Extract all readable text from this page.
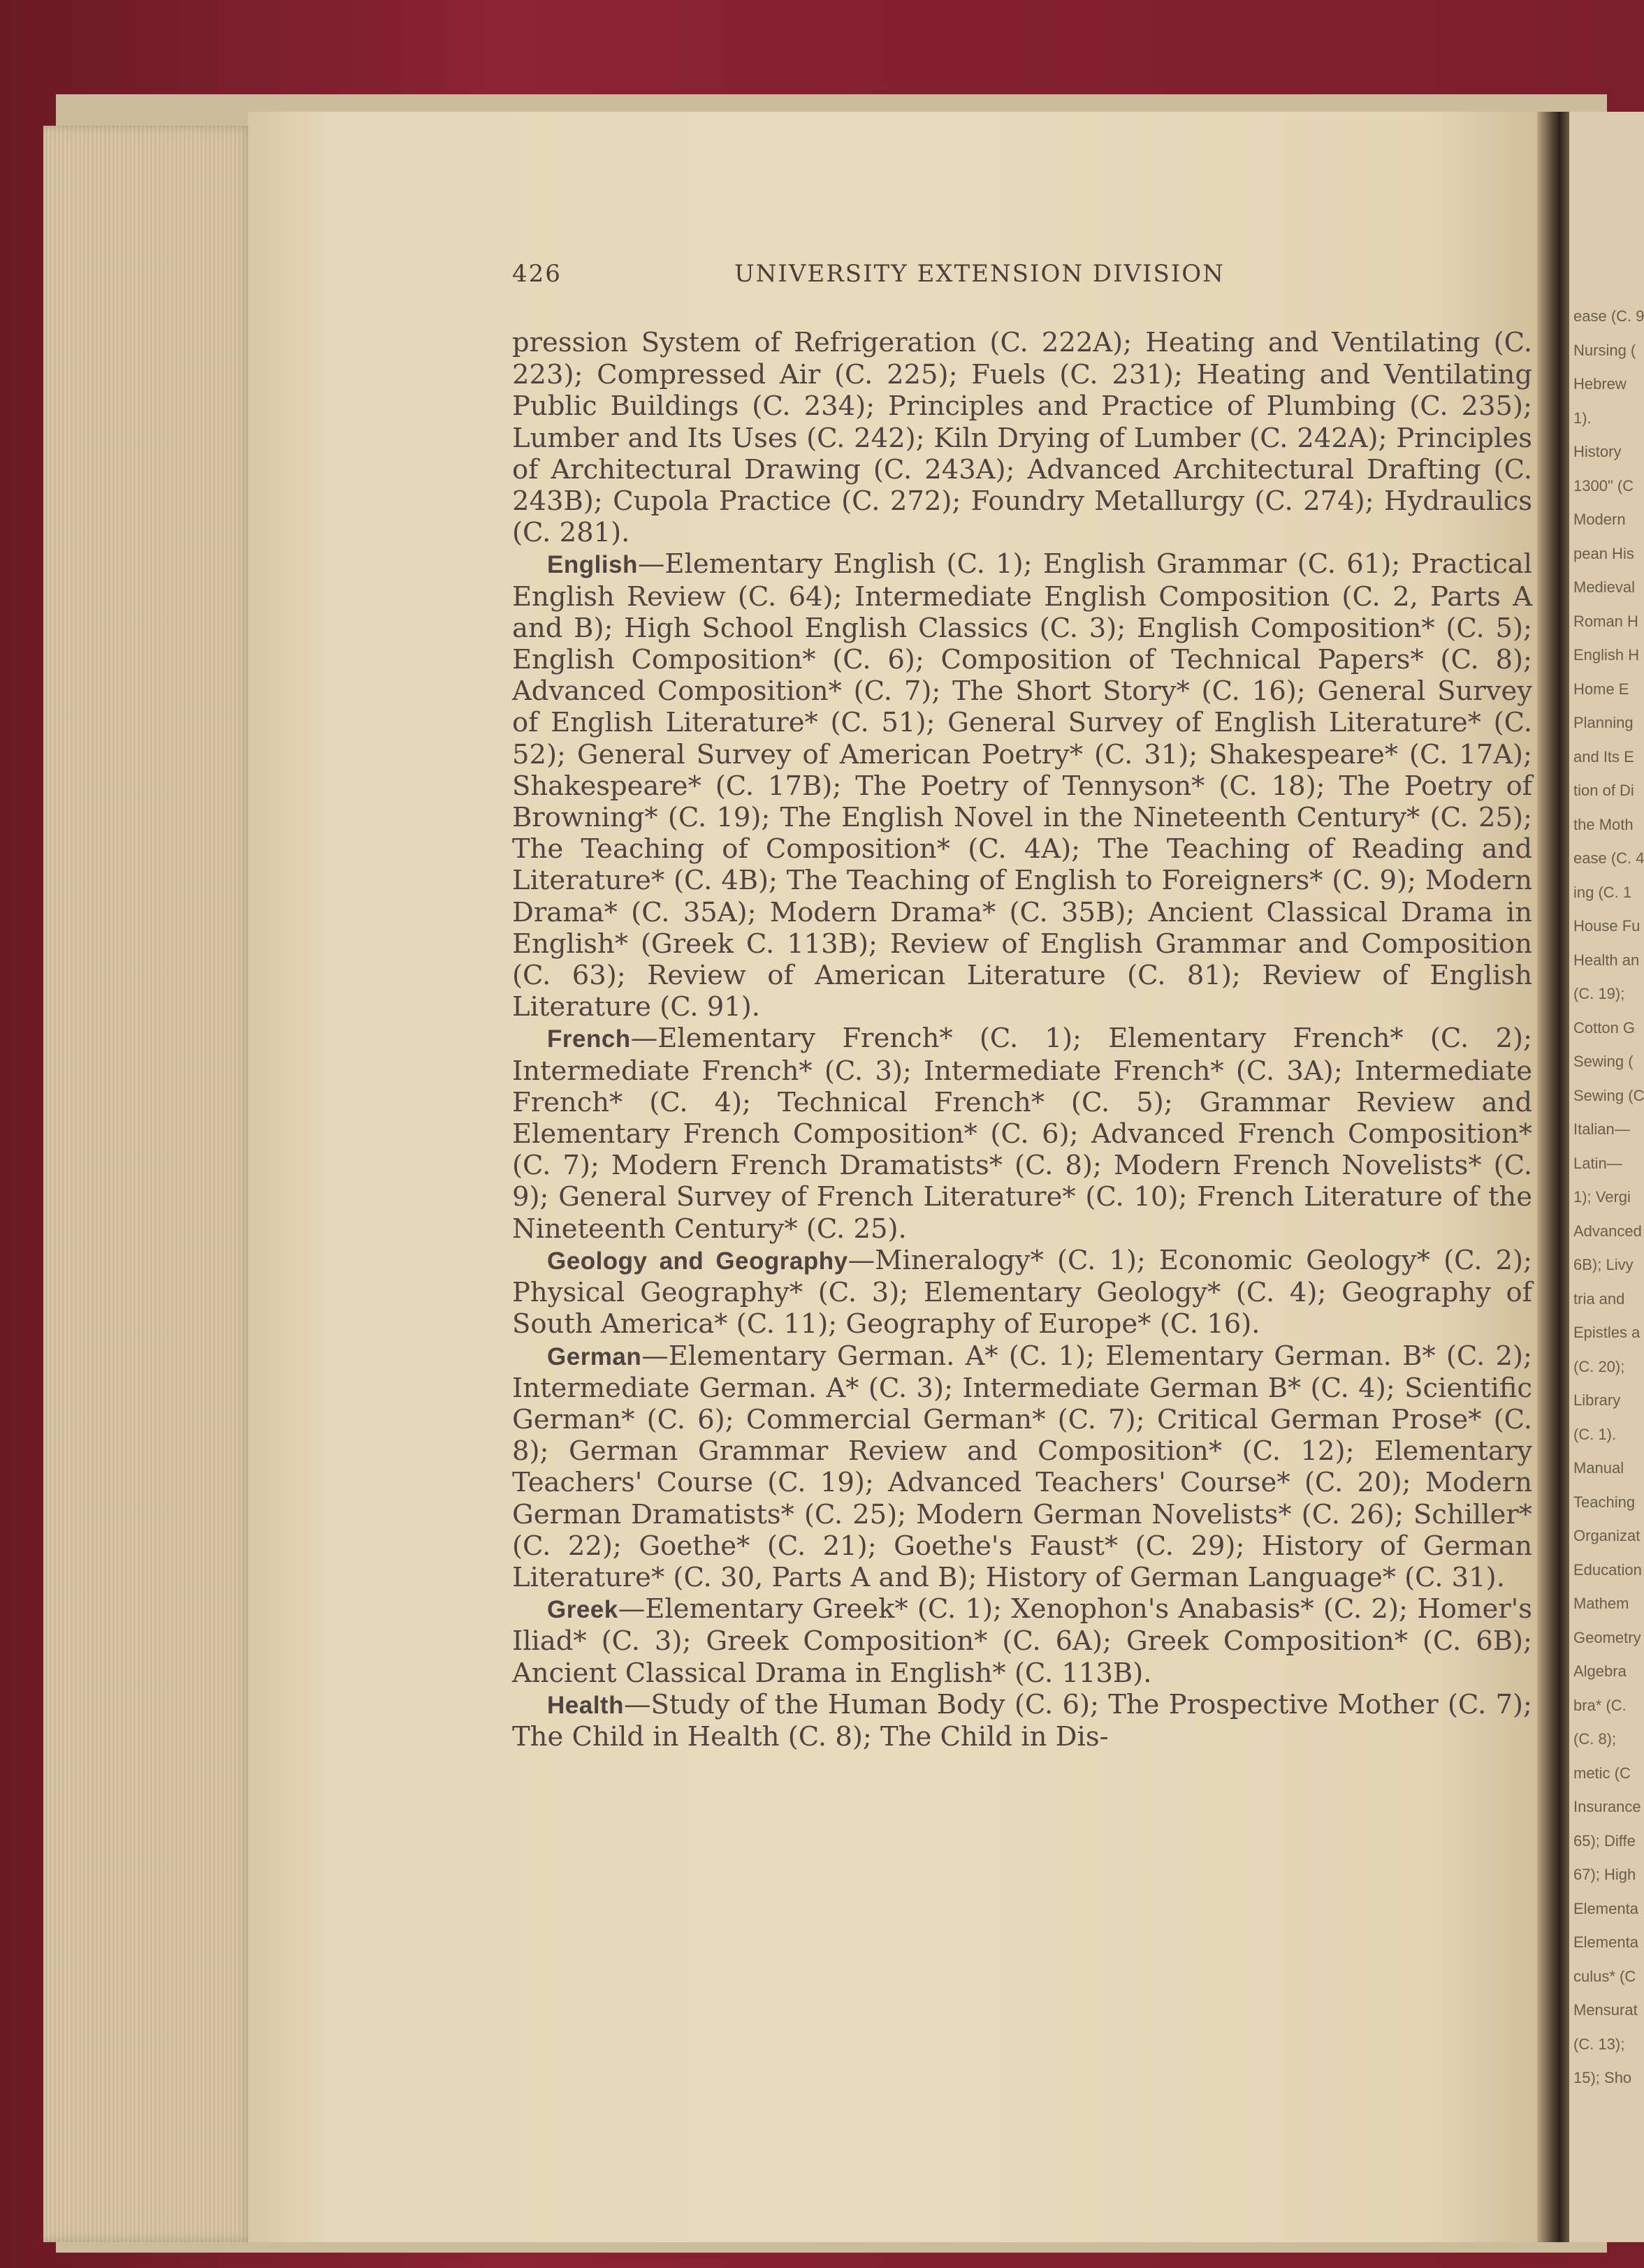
ease (C. 9
Nursing (
Hebrew
1).
History
1300" (C
Modern
pean His
Medieval
Roman H
English H
Home E
Planning
and Its E
tion of Di
the Moth
ease (C. 4
ing (C. 1
House Fu
Health an
(C. 19);
Cotton G
Sewing (
Sewing (C
Italian—
Latin—
1); Vergi
Advanced
6B); Livy
tria and
Epistles a
(C. 20);
Library
(C. 1).
Manual
Teaching
Organizat
Education
Mathem
Geometry
Algebra
bra* (C.
(C. 8);
metic (C
Insurance
65); Diffe
67); High
Elementa
Elementa
culus* (C
Mensurat
(C. 13);
15); Sho
426	UNIVERSITY EXTENSION DIVISION

pression System of Refrigeration (C. 222A); Heating and Ventilating (C. 223); Compressed Air (C. 225); Fuels (C. 231); Heating and Ventilating Public Buildings (C. 234); Principles and Practice of Plumbing (C. 235); Lumber and Its Uses (C. 242); Kiln Drying of Lumber (C. 242A); Principles of Architectural Drawing (C. 243A); Advanced Architectural Drafting (C. 243B); Cupola Practice (C. 272); Foundry Metallurgy (C. 274); Hydraulics (C. 281).

English—Elementary English (C. 1); English Grammar (C. 61); Practical English Review (C. 64); Intermediate English Composition (C. 2, Parts A and B); High School English Classics (C. 3); English Composition* (C. 5); English Composition* (C. 6); Composition of Technical Papers* (C. 8); Advanced Composition* (C. 7); The Short Story* (C. 16); General Survey of English Literature* (C. 51); General Survey of English Literature* (C. 52); General Survey of American Poetry* (C. 31); Shakespeare* (C. 17A); Shakespeare* (C. 17B); The Poetry of Tennyson* (C. 18); The Poetry of Browning* (C. 19); The English Novel in the Nineteenth Century* (C. 25); The Teaching of Composition* (C. 4A); The Teaching of Reading and Literature* (C. 4B); The Teaching of English to Foreigners* (C. 9); Modern Drama* (C. 35A); Modern Drama* (C. 35B); Ancient Classical Drama in English* (Greek C. 113B); Review of English Grammar and Composition (C. 63); Review of American Literature (C. 81); Review of English Literature (C. 91).

French—Elementary French* (C. 1); Elementary French* (C. 2); Intermediate French* (C. 3); Intermediate French* (C. 3A); Intermediate French* (C. 4); Technical French* (C. 5); Grammar Review and Elementary French Composition* (C. 6); Advanced French Composition* (C. 7); Modern French Dramatists* (C. 8); Modern French Novelists* (C. 9); General Survey of French Literature* (C. 10); French Literature of the Nineteenth Century* (C. 25).

Geology and Geography—Mineralogy* (C. 1); Economic Geology* (C. 2); Physical Geography* (C. 3); Elementary Geology* (C. 4); Geography of South America* (C. 11); Geography of Europe* (C. 16).

German—Elementary German. A* (C. 1); Elementary German. B* (C. 2); Intermediate German. A* (C. 3); Intermediate German B* (C. 4); Scientific German* (C. 6); Commercial German* (C. 7); Critical German Prose* (C. 8); German Grammar Review and Composition* (C. 12); Elementary Teachers' Course (C. 19); Advanced Teachers' Course* (C. 20); Modern German Dramatists* (C. 25); Modern German Novelists* (C. 26); Schiller* (C. 22); Goethe* (C. 21); Goethe's Faust* (C. 29); History of German Literature* (C. 30, Parts A and B); History of German Language* (C. 31).

Greek—Elementary Greek* (C. 1); Xenophon's Anabasis* (C. 2); Homer's Iliad* (C. 3); Greek Composition* (C. 6A); Greek Composition* (C. 6B); Ancient Classical Drama in English* (C. 113B).

Health—Study of the Human Body (C. 6); The Prospective Mother (C. 7); The Child in Health (C. 8); The Child in Dis-
